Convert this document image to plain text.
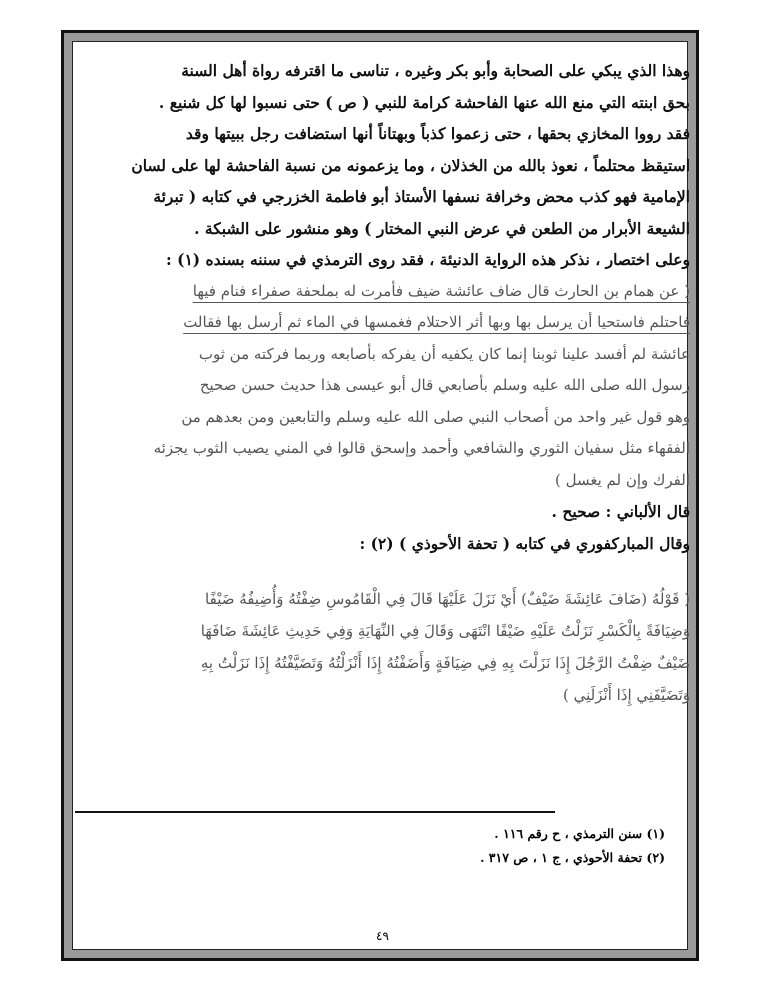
وهذا الذي يبكي على الصحابة وأبو بكر وغيره ، تناسى ما اقترفه رواة أهل السنة
بحق ابنته التي منع الله عنها الفاحشة كرامة للنبي ( ص ) حتى نسبوا لها كل شنيع .
فقد رووا المخازي بحقها ، حتى زعموا كذباً وبهتاناً أنها استضافت رجل ببيتها وقد
استيقظ محتلماً ، نعوذ بالله من الخذلان ، وما يزعمونه من نسبة الفاحشة لها على لسان
الإمامية فهو كذب محض وخرافة نسفها الأستاذ أبو فاطمة الخزرجي في كتابه ( تبرئة
الشيعة الأبرار من الطعن في عرض النبي المختار ) وهو منشور على الشبكة .
وعلى اختصار ، نذكر هذه الرواية الدنيئة ، فقد روى الترمذي في سننه بسنده (١) :
( عن همام بن الحارث قال ضاف عائشة ضيف فأمرت له بملحفة صفراء فنام فيها
فاحتلم فاستحيا أن يرسل بها وبها أثر الاحتلام فغمسها في الماء ثم أرسل بها فقالت
عائشة لم أفسد علينا ثوبنا إنما كان يكفيه أن يفركه بأصابعه وربما فركته من ثوب
رسول الله صلى الله عليه وسلم بأصابعي قال أبو عيسى هذا حديث حسن صحيح
وهو قول غير واحد من أصحاب النبي صلى الله عليه وسلم والتابعين ومن بعدهم من
الفقهاء مثل سفيان الثوري والشافعي وأحمد وإسحق قالوا في المني يصيب الثوب يجزئه
الفرك وإن لم يغسل )
قال الألباني : صحيح .
وقال المباركفوري في كتابه ( تحفة الأحوذي ) (٢) :
( قَوْلُهُ (ضَافَ عَائِشَةَ ضَيْفٌ) أَيْ نَزَلَ عَلَيْهَا قَالَ فِي الْقَامُوسِ ضِفْتُهُ وَأُضِيفُهُ ضَيْفًا
وَضِيَافَةً بِالْكَسْرِ نَزَلْتُ عَلَيْهِ ضَيْفًا انْتَهَى وَقَالَ فِي النِّهَايَةِ وَفِي حَدِيثِ عَائِشَةَ ضَافَهَا
ضَيْفٌ ضِفْتُ الرَّجُلَ إِذَا نَزَلْتَ بِهِ فِي ضِيَافَةٍ وَأَضَفْتُهُ إِذَا أَنْزَلْتُهُ وَتَضَيَّفْتُهُ إِذَا نَزَلْتُ بِهِ
وَتَضَيَّفَنِي إِذَا أَنْزَلَنِي )
(١) سنن الترمذي ، ح رقم ١١٦ .
(٢) تحفة الأحوذي ، ج ١ ، ص ٣١٧ .
٤٩
